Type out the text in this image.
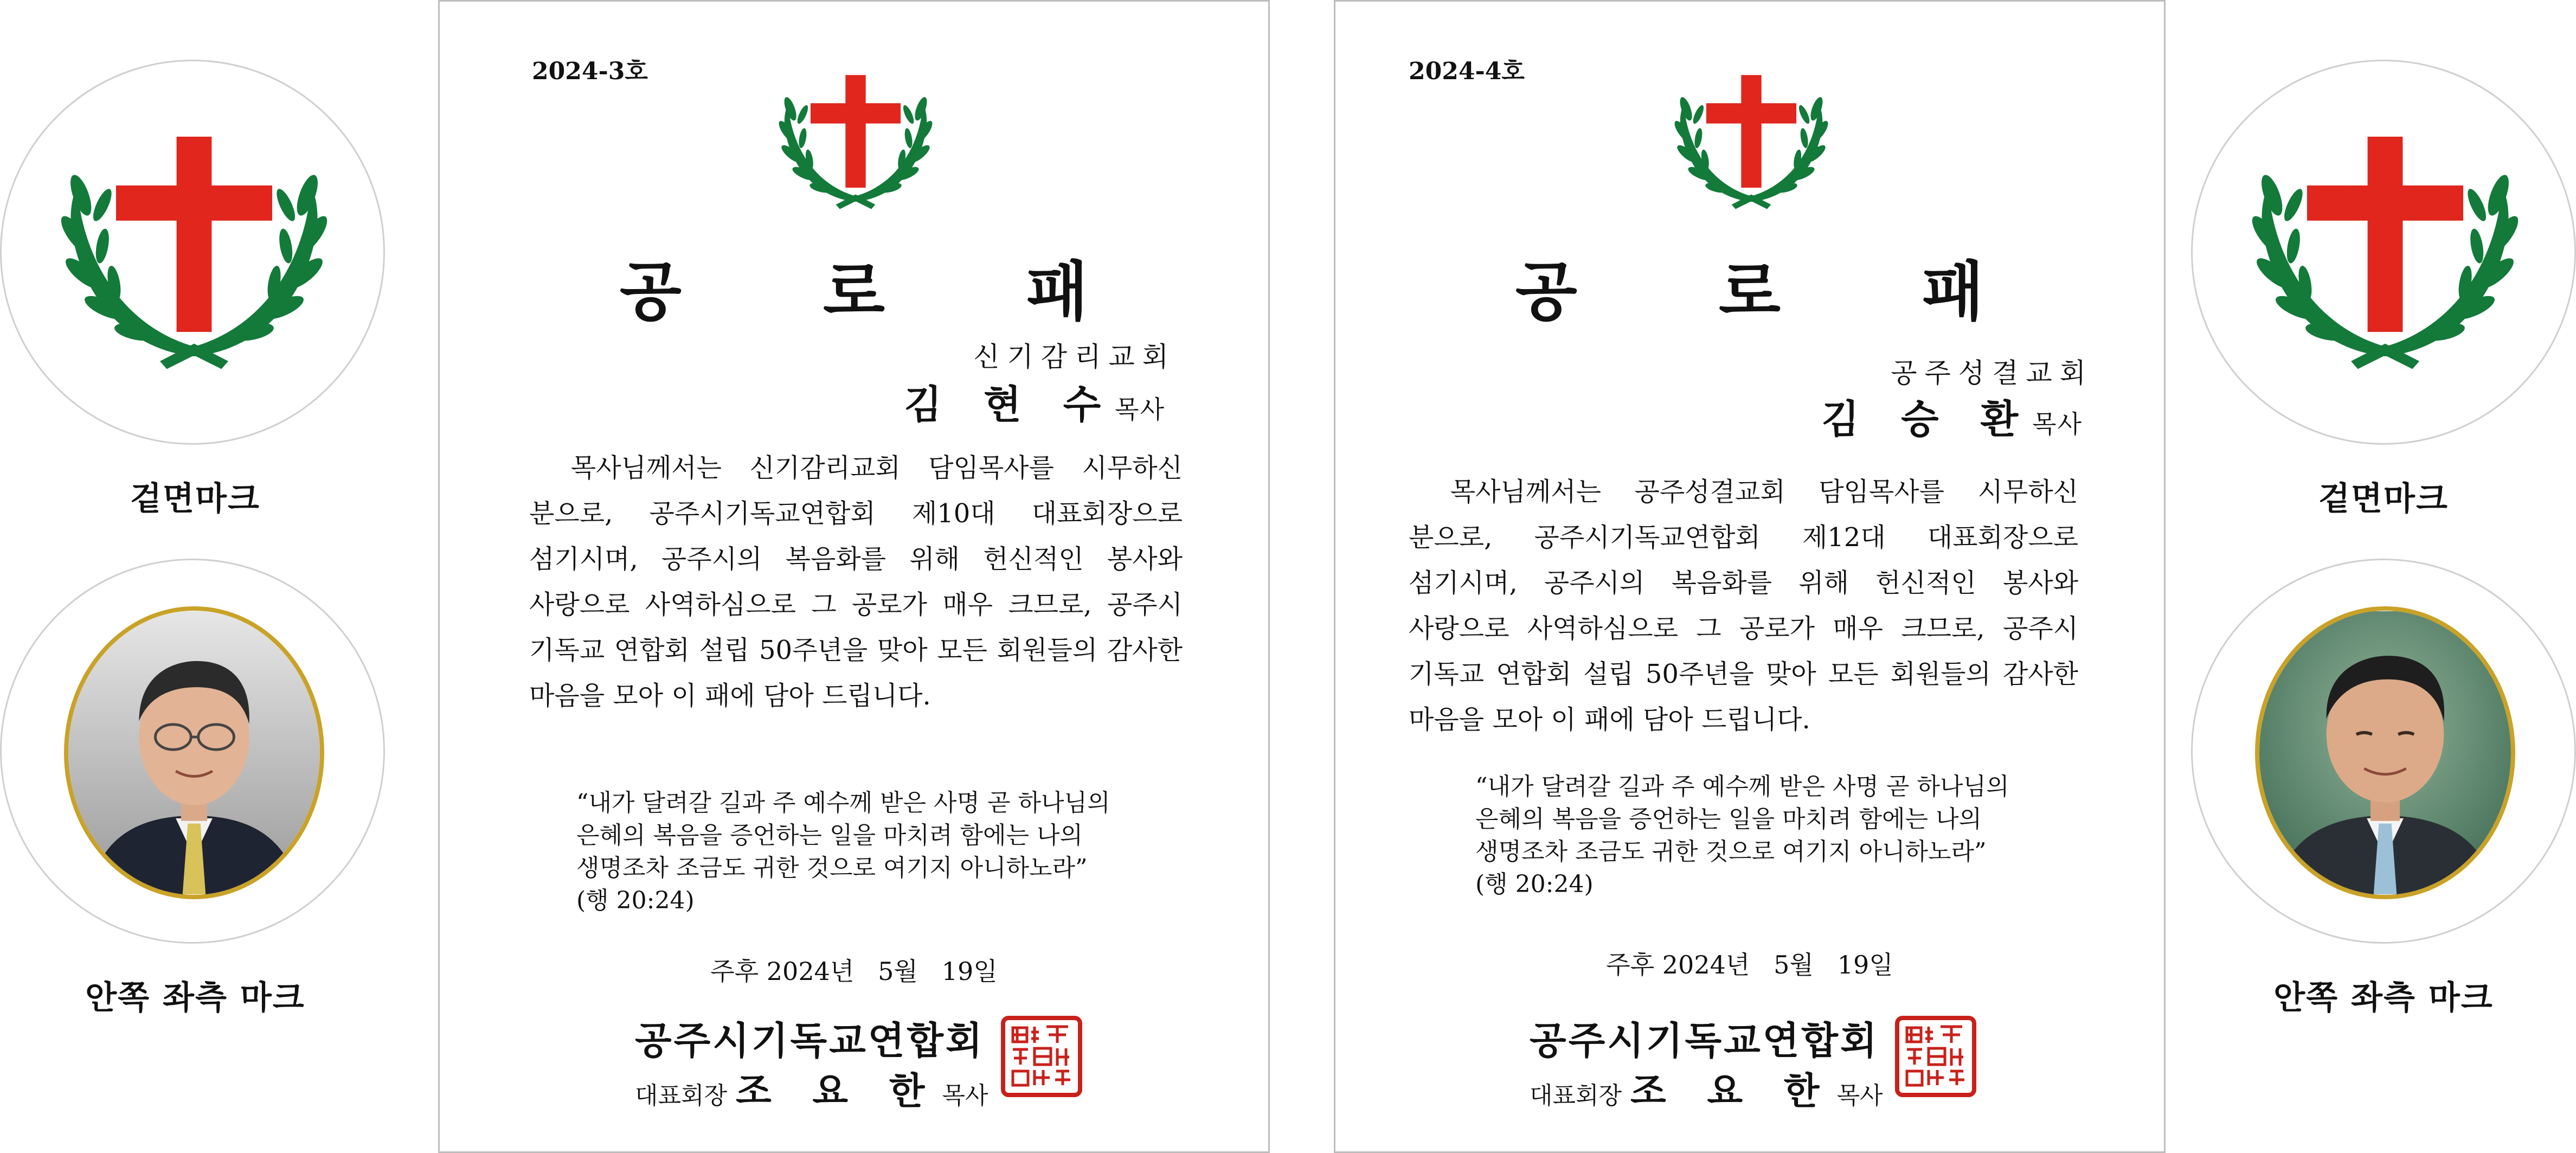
겉면마크
안쪽 좌측 마크
2024-3호
공 로 패
신기감리교회
김 현 수목사
목사님께서는 신기감리교회 담임목사를 시무하신 분으로, 공주시기독교연합회 제10대 대표회장으로 섬기시며, 공주시의 복음화를 위해 헌신적인 봉사와 사랑으로 사역하심으로 그 공로가 매우 크므로, 공주시 기독교 연합회 설립 50주년을 맞아 모든 회원들의 감사한 마음을 모아 이 패에 담아 드립니다.
“내가 달려갈 길과 주 예수께 받은 사명 곧 하나님의 은혜의 복음을 증언하는 일을 마치려 함에는 나의 생명조차 조금도 귀한 것으로 여기지 아니하노라” (행 20:24)
주후 2024년   5월   19일
공주시기독교연합회
대표회장 조 요 한 목사
2024-4호
공 로 패
공주성결교회
김 승 환목사
목사님께서는 공주성결교회 담임목사를 시무하신 분으로, 공주시기독교연합회 제12대 대표회장으로 섬기시며, 공주시의 복음화를 위해 헌신적인 봉사와 사랑으로 사역하심으로 그 공로가 매우 크므로, 공주시 기독교 연합회 설립 50주년을 맞아 모든 회원들의 감사한 마음을 모아 이 패에 담아 드립니다.
“내가 달려갈 길과 주 예수께 받은 사명 곧 하나님의 은혜의 복음을 증언하는 일을 마치려 함에는 나의 생명조차 조금도 귀한 것으로 여기지 아니하노라” (행 20:24)
주후 2024년   5월   19일
공주시기독교연합회
대표회장 조 요 한 목사
겉면마크
안쪽 좌측 마크
